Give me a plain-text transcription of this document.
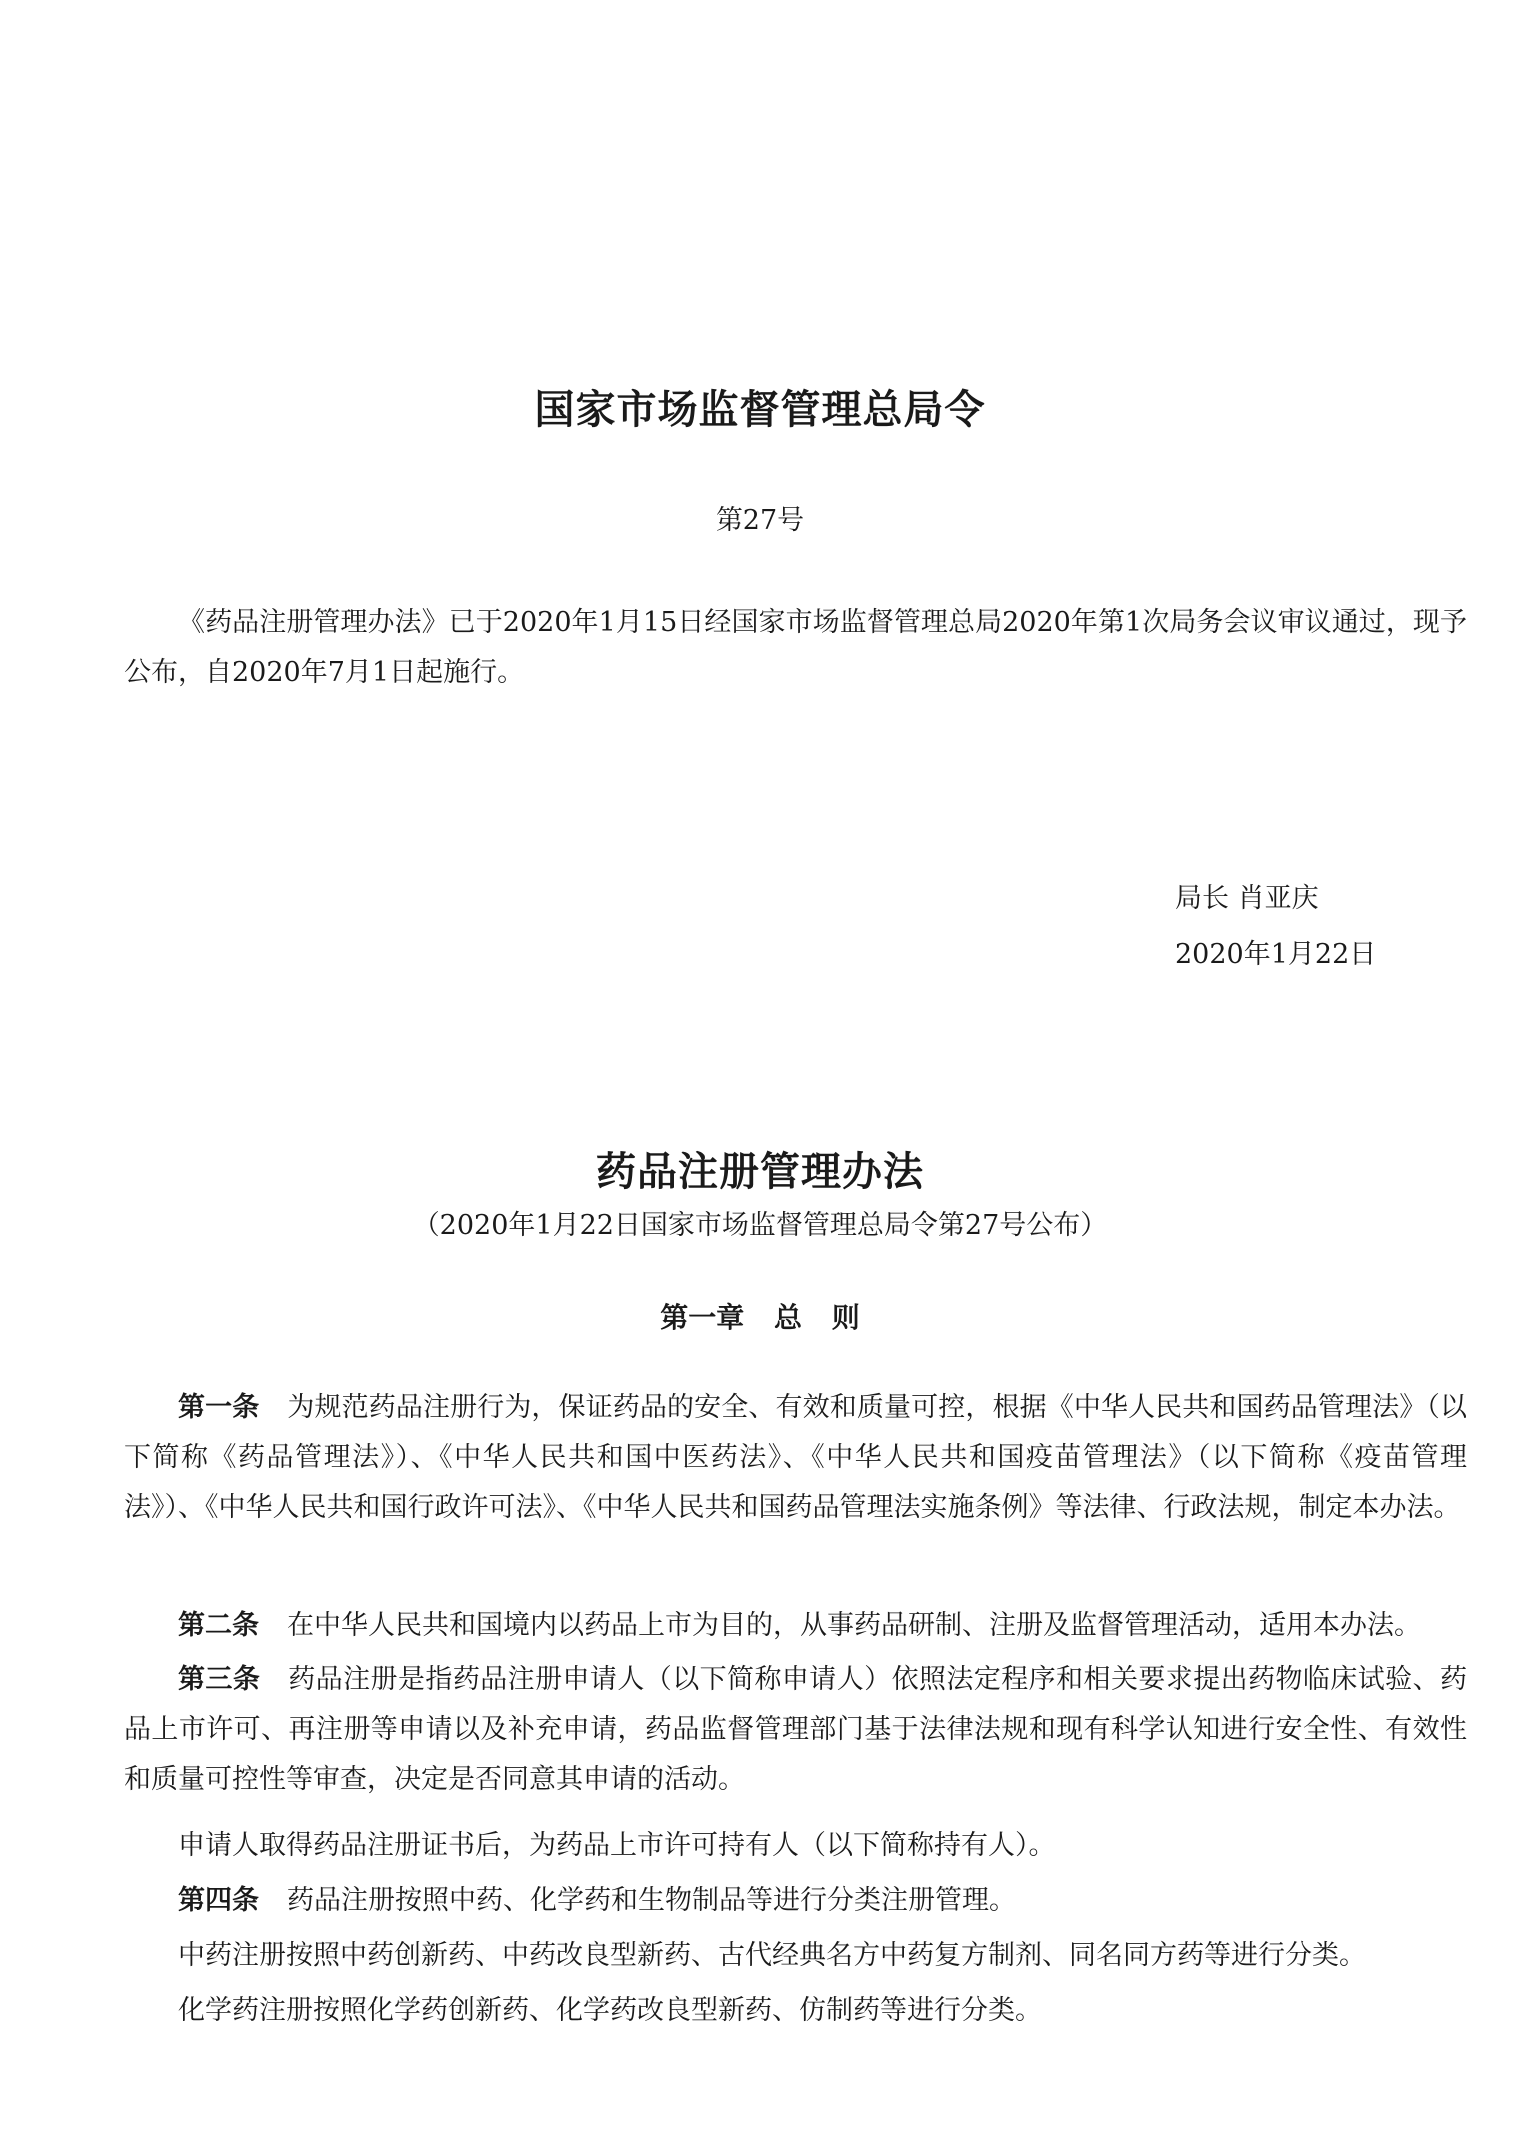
国家市场监督管理总局令
第27号

《药品注册管理办法》已于2020年1月15日经国家市场监督管理总局2020年第1次局务会议审议通过，现予公布，自2020年7月1日起施行。

局长 肖亚庆
2020年1月22日
药品注册管理办法
（2020年1月22日国家市场监督管理总局令第27号公布）
第一章 总 则

第一条 为规范药品注册行为，保证药品的安全、有效和质量可控，根据《中华人民共和国药品管理法》（以下简称《药品管理法》）、《中华人民共和国中医药法》、《中华人民共和国疫苗管理法》（以下简称《疫苗管理法》）、《中华人民共和国行政许可法》、《中华人民共和国药品管理法实施条例》等法律、行政法规，制定本办法。

第二条 在中华人民共和国境内以药品上市为目的，从事药品研制、注册及监督管理活动，适用本办法。

第三条 药品注册是指药品注册申请人（以下简称申请人）依照法定程序和相关要求提出药物临床试验、药品上市许可、再注册等申请以及补充申请，药品监督管理部门基于法律法规和现有科学认知进行安全性、有效性和质量可控性等审查，决定是否同意其申请的活动。

申请人取得药品注册证书后，为药品上市许可持有人（以下简称持有人）。

第四条 药品注册按照中药、化学药和生物制品等进行分类注册管理。

中药注册按照中药创新药、中药改良型新药、古代经典名方中药复方制剂、同名同方药等进行分类。

化学药注册按照化学药创新药、化学药改良型新药、仿制药等进行分类。
